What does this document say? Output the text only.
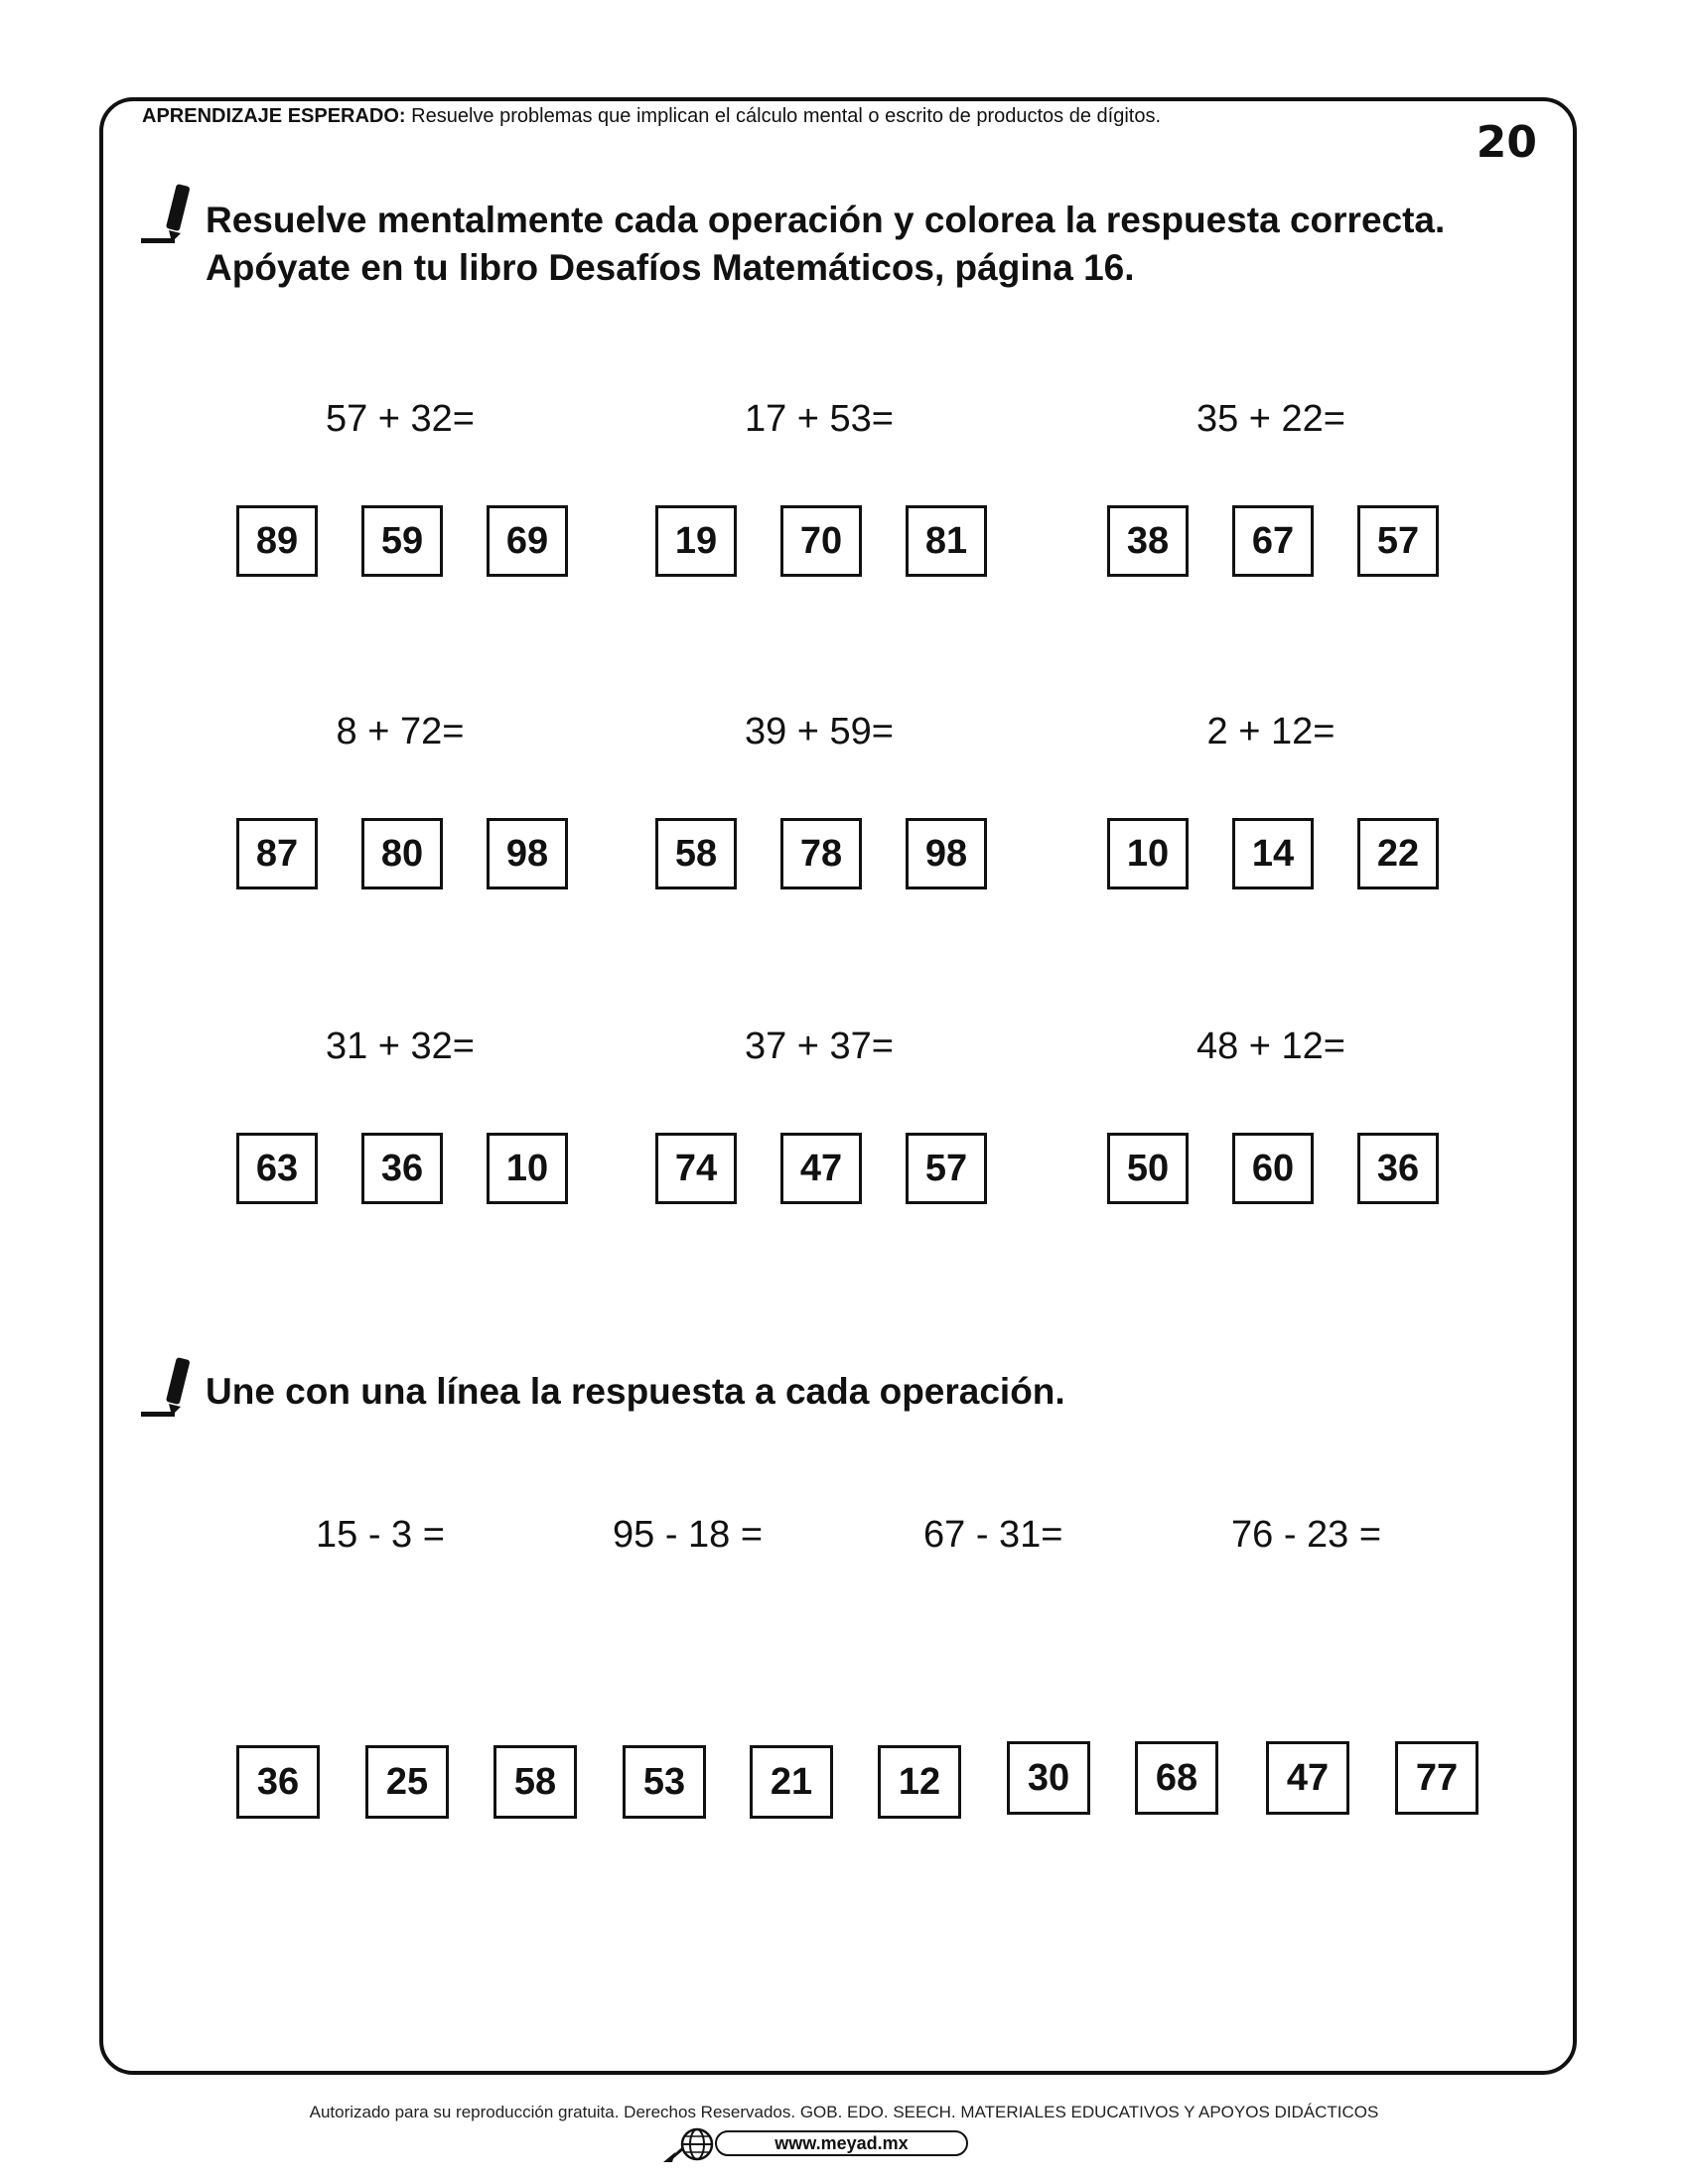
APRENDIZAJE ESPERADO: Resuelve problemas que implican el cálculo mental o escrito de productos de dígitos.
20
Resuelve mentalmente cada operación y colorea la respuesta correcta.
Apóyate en tu libro Desafíos Matemáticos, página 16.
57 + 32=
89	59	69
17 + 53=
19	70	81
35 + 22=
38	67	57
8 + 72=
87	80	98
39 + 59=
58	78	98
2 + 12=
10	14	22
31 + 32=
63	36	10
37 + 37=
74	47	57
48 + 12=
50	60	36
Une con una línea la respuesta a cada operación.
15 - 3 =	95 - 18 =	67 - 31=	76 - 23 =
36	25	58	53	21	12	30	68	47	77
Autorizado para su reproducción gratuita. Derechos Reservados. GOB. EDO. SEECH. MATERIALES EDUCATIVOS Y APOYOS DIDÁCTICOS
www.meyad.mx
